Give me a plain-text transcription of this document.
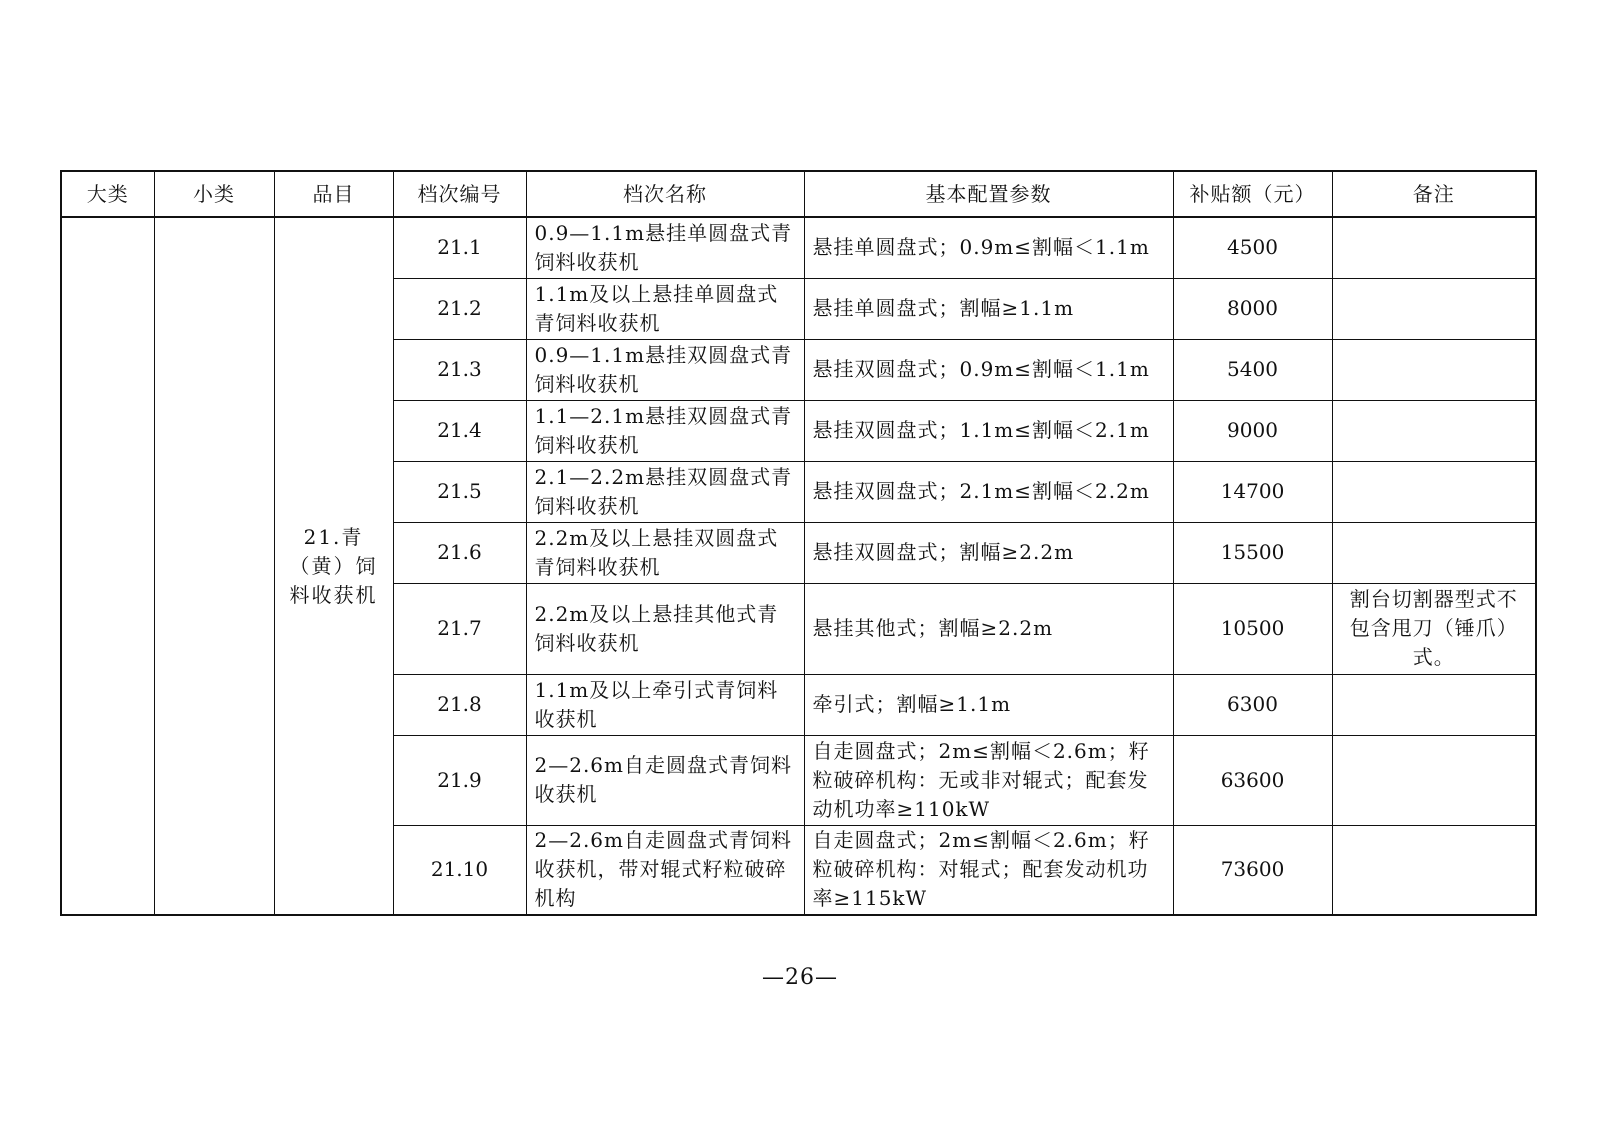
大类	小类	品目	档次编号	档次名称	基本配置参数	补贴额（元）	备注
		21.青（黄）饲料收获机	21.1	0.9—1.1m悬挂单圆盘式青饲料收获机	悬挂单圆盘式；0.9m≤割幅＜1.1m	4500	
			21.2	1.1m及以上悬挂单圆盘式青饲料收获机	悬挂单圆盘式；割幅≥1.1m	8000	
			21.3	0.9—1.1m悬挂双圆盘式青饲料收获机	悬挂双圆盘式；0.9m≤割幅＜1.1m	5400	
			21.4	1.1—2.1m悬挂双圆盘式青饲料收获机	悬挂双圆盘式；1.1m≤割幅＜2.1m	9000	
			21.5	2.1—2.2m悬挂双圆盘式青饲料收获机	悬挂双圆盘式；2.1m≤割幅＜2.2m	14700	
			21.6	2.2m及以上悬挂双圆盘式青饲料收获机	悬挂双圆盘式；割幅≥2.2m	15500	
			21.7	2.2m及以上悬挂其他式青饲料收获机	悬挂其他式；割幅≥2.2m	10500	割台切割器型式不包含甩刀（锤爪）式。
			21.8	1.1m及以上牵引式青饲料收获机	牵引式；割幅≥1.1m	6300	
			21.9	2—2.6m自走圆盘式青饲料收获机	自走圆盘式；2m≤割幅＜2.6m；籽粒破碎机构：无或非对辊式；配套发动机功率≥110kW	63600	
			21.10	2—2.6m自走圆盘式青饲料收获机，带对辊式籽粒破碎机构	自走圆盘式；2m≤割幅＜2.6m；籽粒破碎机构：对辊式；配套发动机功率≥115kW	73600	
—26—
